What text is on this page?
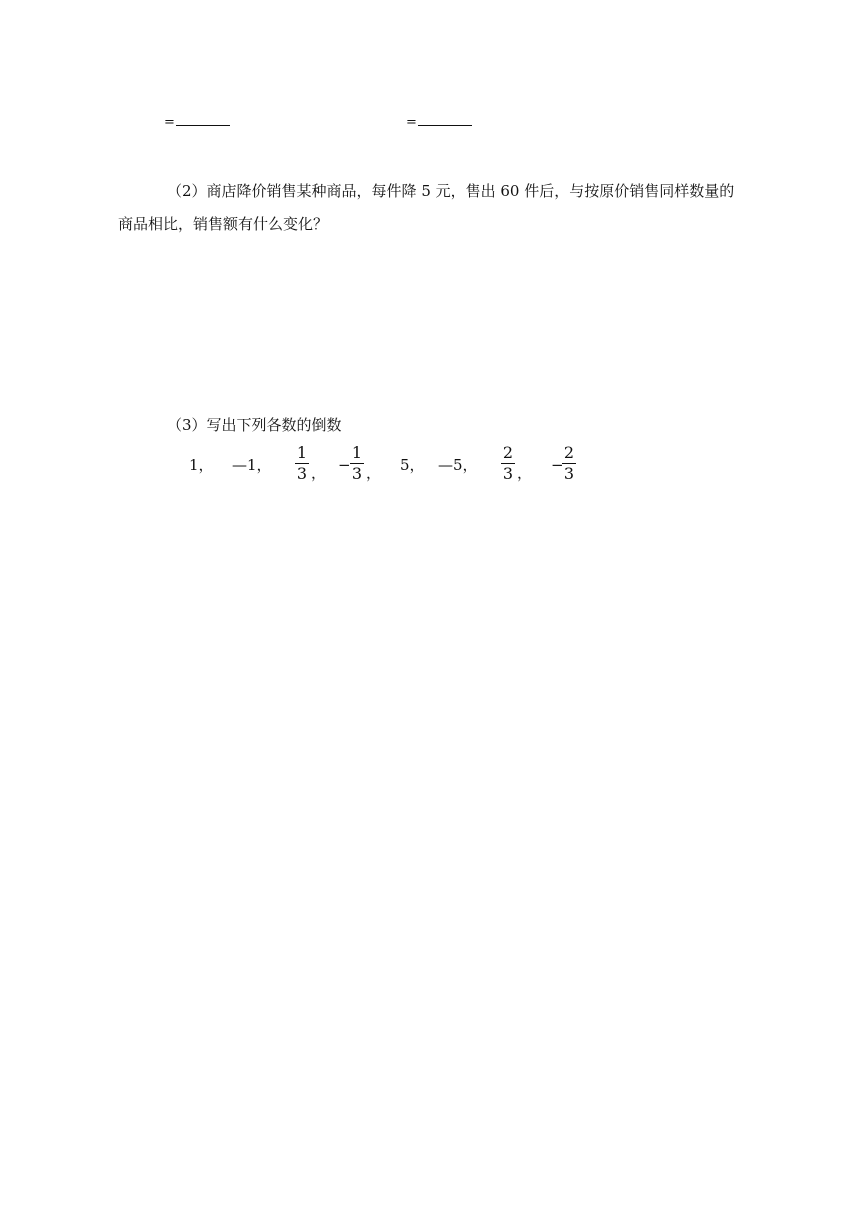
=	=
（2）商店降价销售某种商品，每件降 5 元，售出 60 件后，与按原价销售同样数量的
商品相比，销售额有什么变化？
（3）写出下列各数的倒数
1， —1，
1
3 ， −
1
3 ， 5， —5，
2
3 ， −
2
3
